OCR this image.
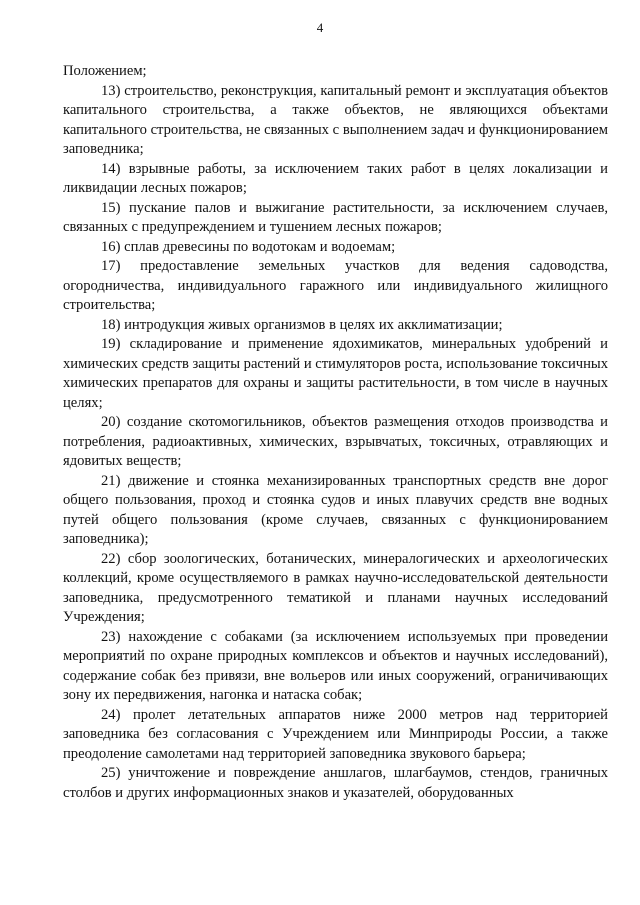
4

Положением;

13) строительство, реконструкция, капитальный ремонт и эксплуатация объектов капитального строительства, а также объектов, не являющихся объектами капитального строительства, не связанных с выполнением задач и функционированием заповедника;

14) взрывные работы, за исключением таких работ в целях локализации и ликвидации лесных пожаров;

15) пускание палов и выжигание растительности, за исключением случаев, связанных с предупреждением и тушением лесных пожаров;

16) сплав древесины по водотокам и водоемам;

17) предоставление земельных участков для ведения садоводства, огородничества, индивидуального гаражного или индивидуального жилищного строительства;

18) интродукция живых организмов в целях их акклиматизации;

19) складирование и применение ядохимикатов, минеральных удобрений и химических средств защиты растений и стимуляторов роста, использование токсичных химических препаратов для охраны и защиты растительности, в том числе в научных целях;

20) создание скотомогильников, объектов размещения отходов производства и потребления, радиоактивных, химических, взрывчатых, токсичных, отравляющих и ядовитых веществ;

21) движение и стоянка механизированных транспортных средств вне дорог общего пользования, проход и стоянка судов и иных плавучих средств вне водных путей общего пользования (кроме случаев, связанных с функционированием заповедника);

22) сбор зоологических, ботанических, минералогических и археологических коллекций, кроме осуществляемого в рамках научно-исследовательской деятельности заповедника, предусмотренного тематикой и планами научных исследований Учреждения;

23) нахождение с собаками (за исключением используемых при проведении мероприятий по охране природных комплексов и объектов и научных исследований), содержание собак без привязи, вне вольеров или иных сооружений, ограничивающих зону их передвижения, нагонка и натаска собак;

24) пролет летательных аппаратов ниже 2000 метров над территорией заповедника без согласования с Учреждением или Минприроды России, а также преодоление самолетами над территорией заповедника звукового барьера;

25) уничтожение и повреждение аншлагов, шлагбаумов, стендов, граничных столбов и других информационных знаков и указателей, оборудованных
